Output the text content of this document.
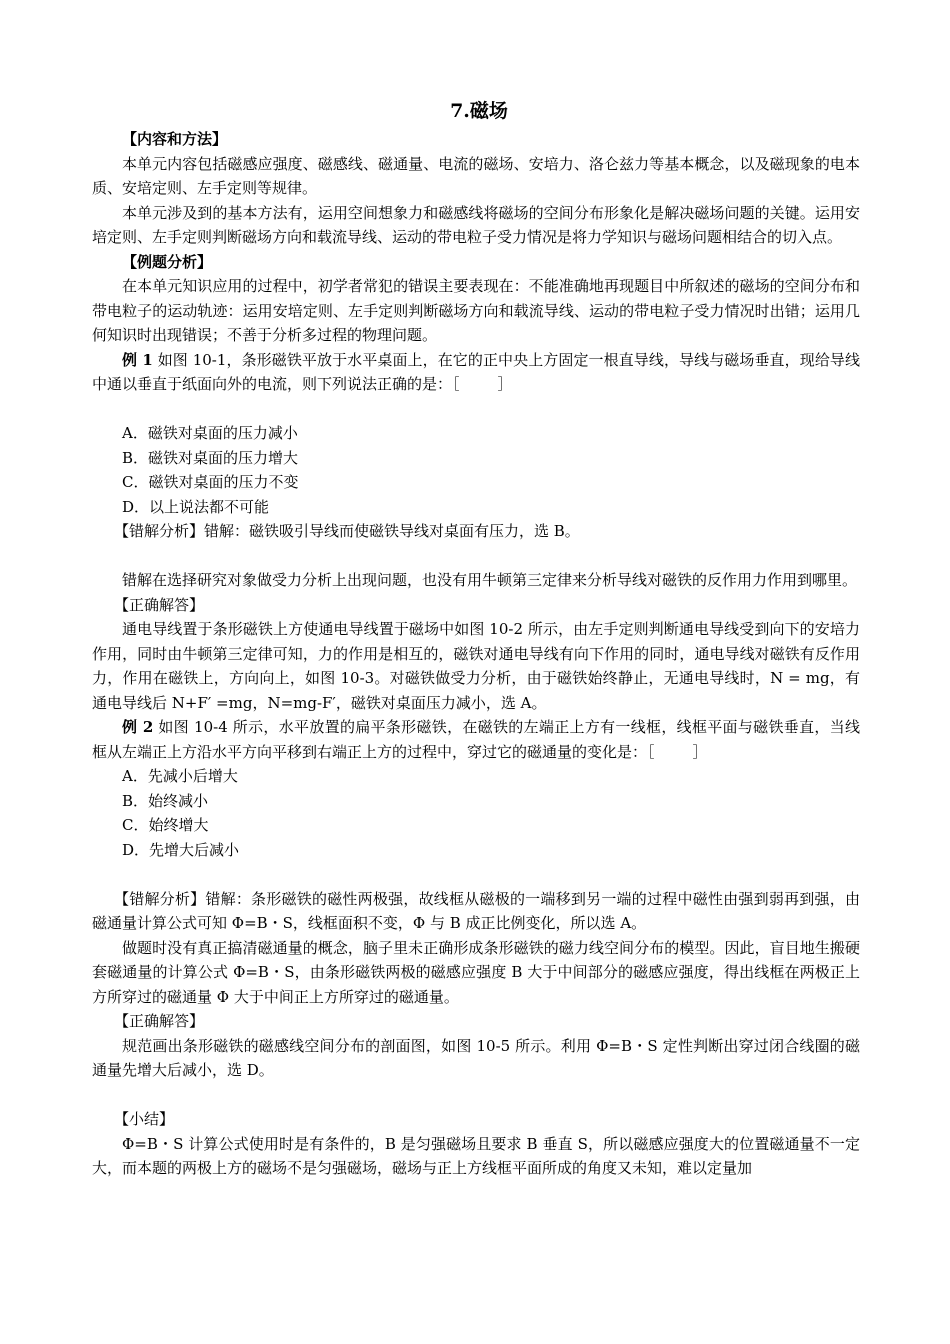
7.磁场

【内容和方法】

本单元内容包括磁感应强度、磁感线、磁通量、电流的磁场、安培力、洛仑兹力等基本概念，以及磁现象的电本质、安培定则、左手定则等规律。

本单元涉及到的基本方法有，运用空间想象力和磁感线将磁场的空间分布形象化是解决磁场问题的关键。运用安培定则、左手定则判断磁场方向和载流导线、运动的带电粒子受力情况是将力学知识与磁场问题相结合的切入点。

【例题分析】

在本单元知识应用的过程中，初学者常犯的错误主要表现在：不能准确地再现题目中所叙述的磁场的空间分布和带电粒子的运动轨迹：运用安培定则、左手定则判断磁场方向和载流导线、运动的带电粒子受力情况时出错；运用几何知识时出现错误；不善于分析多过程的物理问题。

例 1 如图 10-1，条形磁铁平放于水平桌面上，在它的正中央上方固定一根直导线，导线与磁场垂直，现给导线中通以垂直于纸面向外的电流，则下列说法正确的是：［	］

A．磁铁对桌面的压力减小

B．磁铁对桌面的压力增大

C．磁铁对桌面的压力不变

D．以上说法都不可能

【错解分析】错解：磁铁吸引导线而使磁铁导线对桌面有压力，选 B。

错解在选择研究对象做受力分析上出现问题，也没有用牛顿第三定律来分析导线对磁铁的反作用力作用到哪里。

【正确解答】

通电导线置于条形磁铁上方使通电导线置于磁场中如图 10-2 所示，由左手定则判断通电导线受到向下的安培力作用，同时由牛顿第三定律可知，力的作用是相互的，磁铁对通电导线有向下作用的同时，通电导线对磁铁有反作用力，作用在磁铁上，方向向上，如图 10-3。对磁铁做受力分析，由于磁铁始终静止，无通电导线时，N = mg，有通电导线后 N+F′ =mg，N=mg-F′，磁铁对桌面压力减小，选 A。

例 2 如图 10-4 所示，水平放置的扁平条形磁铁，在磁铁的左端正上方有一线框，线框平面与磁铁垂直，当线框从左端正上方沿水平方向平移到右端正上方的过程中，穿过它的磁通量的变化是：［	］

A．先减小后增大

B．始终减小

C．始终增大

D．先增大后减小

【错解分析】错解：条形磁铁的磁性两极强，故线框从磁极的一端移到另一端的过程中磁性由强到弱再到强，由磁通量计算公式可知 Φ=B・S，线框面积不变，Φ 与 B 成正比例变化，所以选 A。

做题时没有真正搞清磁通量的概念，脑子里未正确形成条形磁铁的磁力线空间分布的模型。因此，盲目地生搬硬套磁通量的计算公式 Φ=B・S，由条形磁铁两极的磁感应强度 B 大于中间部分的磁感应强度，得出线框在两极正上方所穿过的磁通量 Φ 大于中间正上方所穿过的磁通量。

【正确解答】

规范画出条形磁铁的磁感线空间分布的剖面图，如图 10-5 所示。利用 Φ=B・S 定性判断出穿过闭合线圈的磁通量先增大后减小，选 D。

【小结】

Φ=B・S 计算公式使用时是有条件的，B 是匀强磁场且要求 B 垂直 S，所以磁感应强度大的位置磁通量不一定大，而本题的两极上方的磁场不是匀强磁场，磁场与正上方线框平面所成的角度又未知，难以定量加
